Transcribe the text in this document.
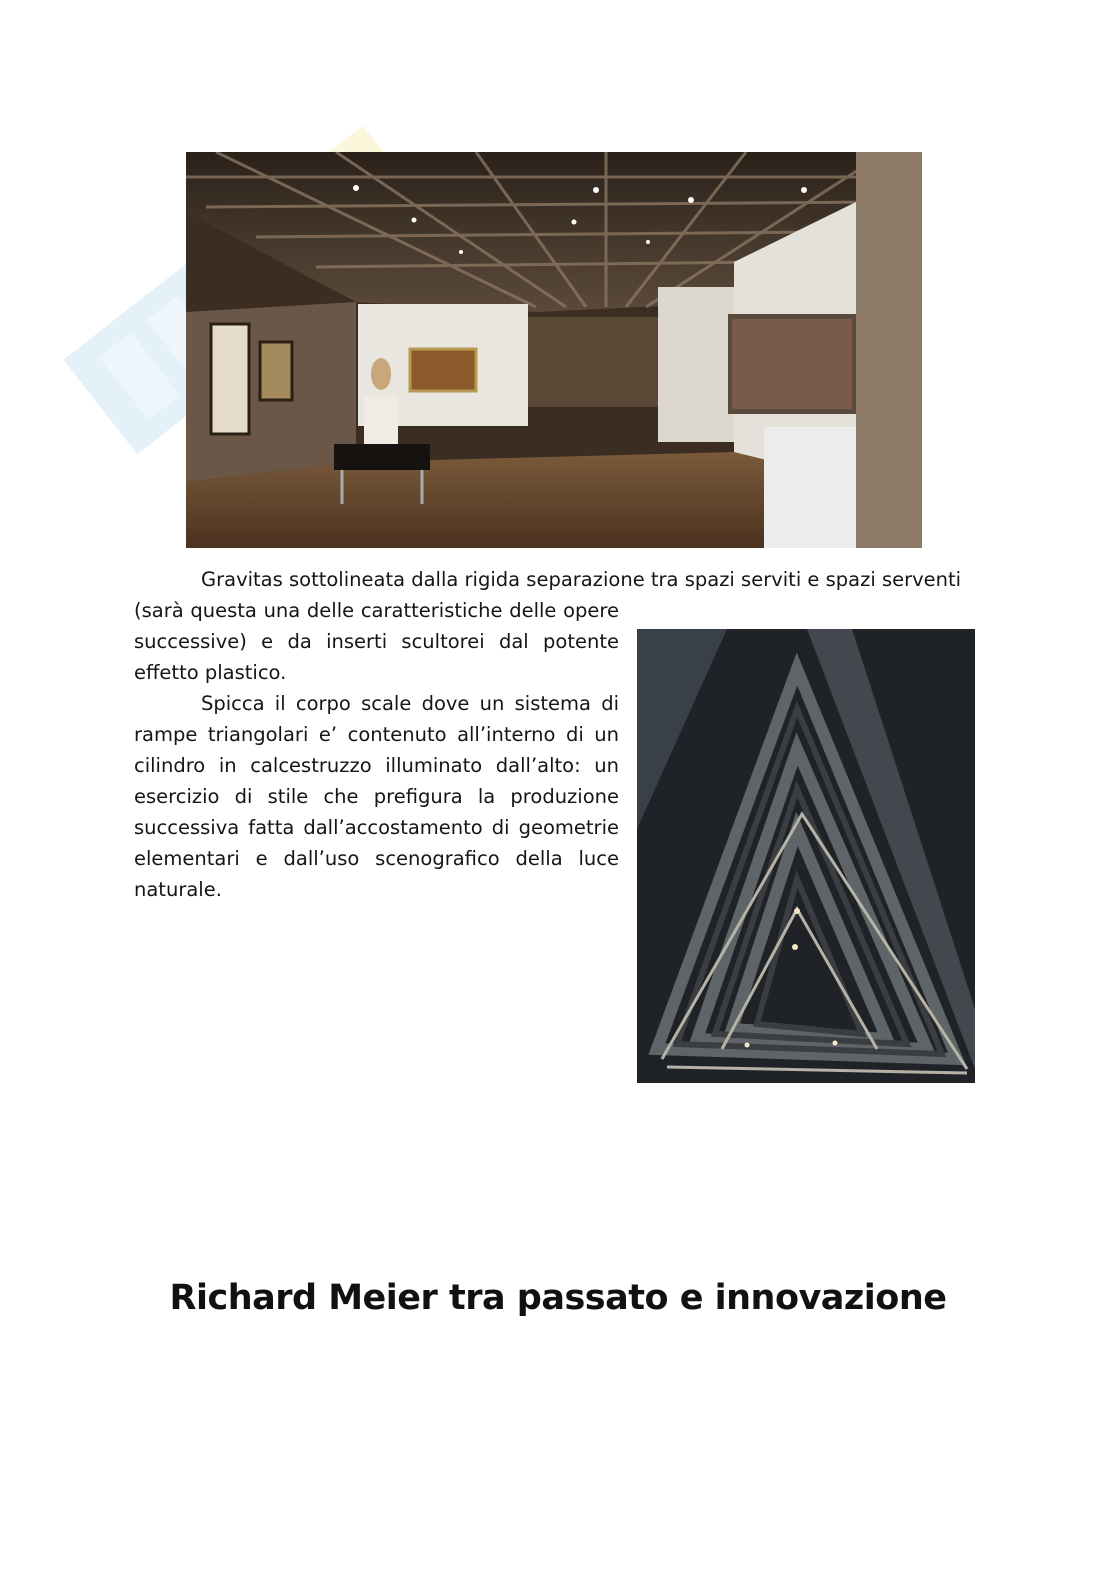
Gravitas sottolineata dalla rigida separazione tra spazi serviti e spazi serventi

(sarà questa una delle caratteristiche delle opere successive) e da inserti scultorei dal potente effetto plastico.

Spicca il corpo scale dove un sistema di rampe triangolari e’ contenuto all’interno di un cilindro in calcestruzzo illuminato dall’alto: un esercizio di stile che prefigura la produzione successiva fatta dall’accostamento di geometrie elementari e dall’uso scenografico della luce naturale.

Richard Meier tra passato e innovazione
